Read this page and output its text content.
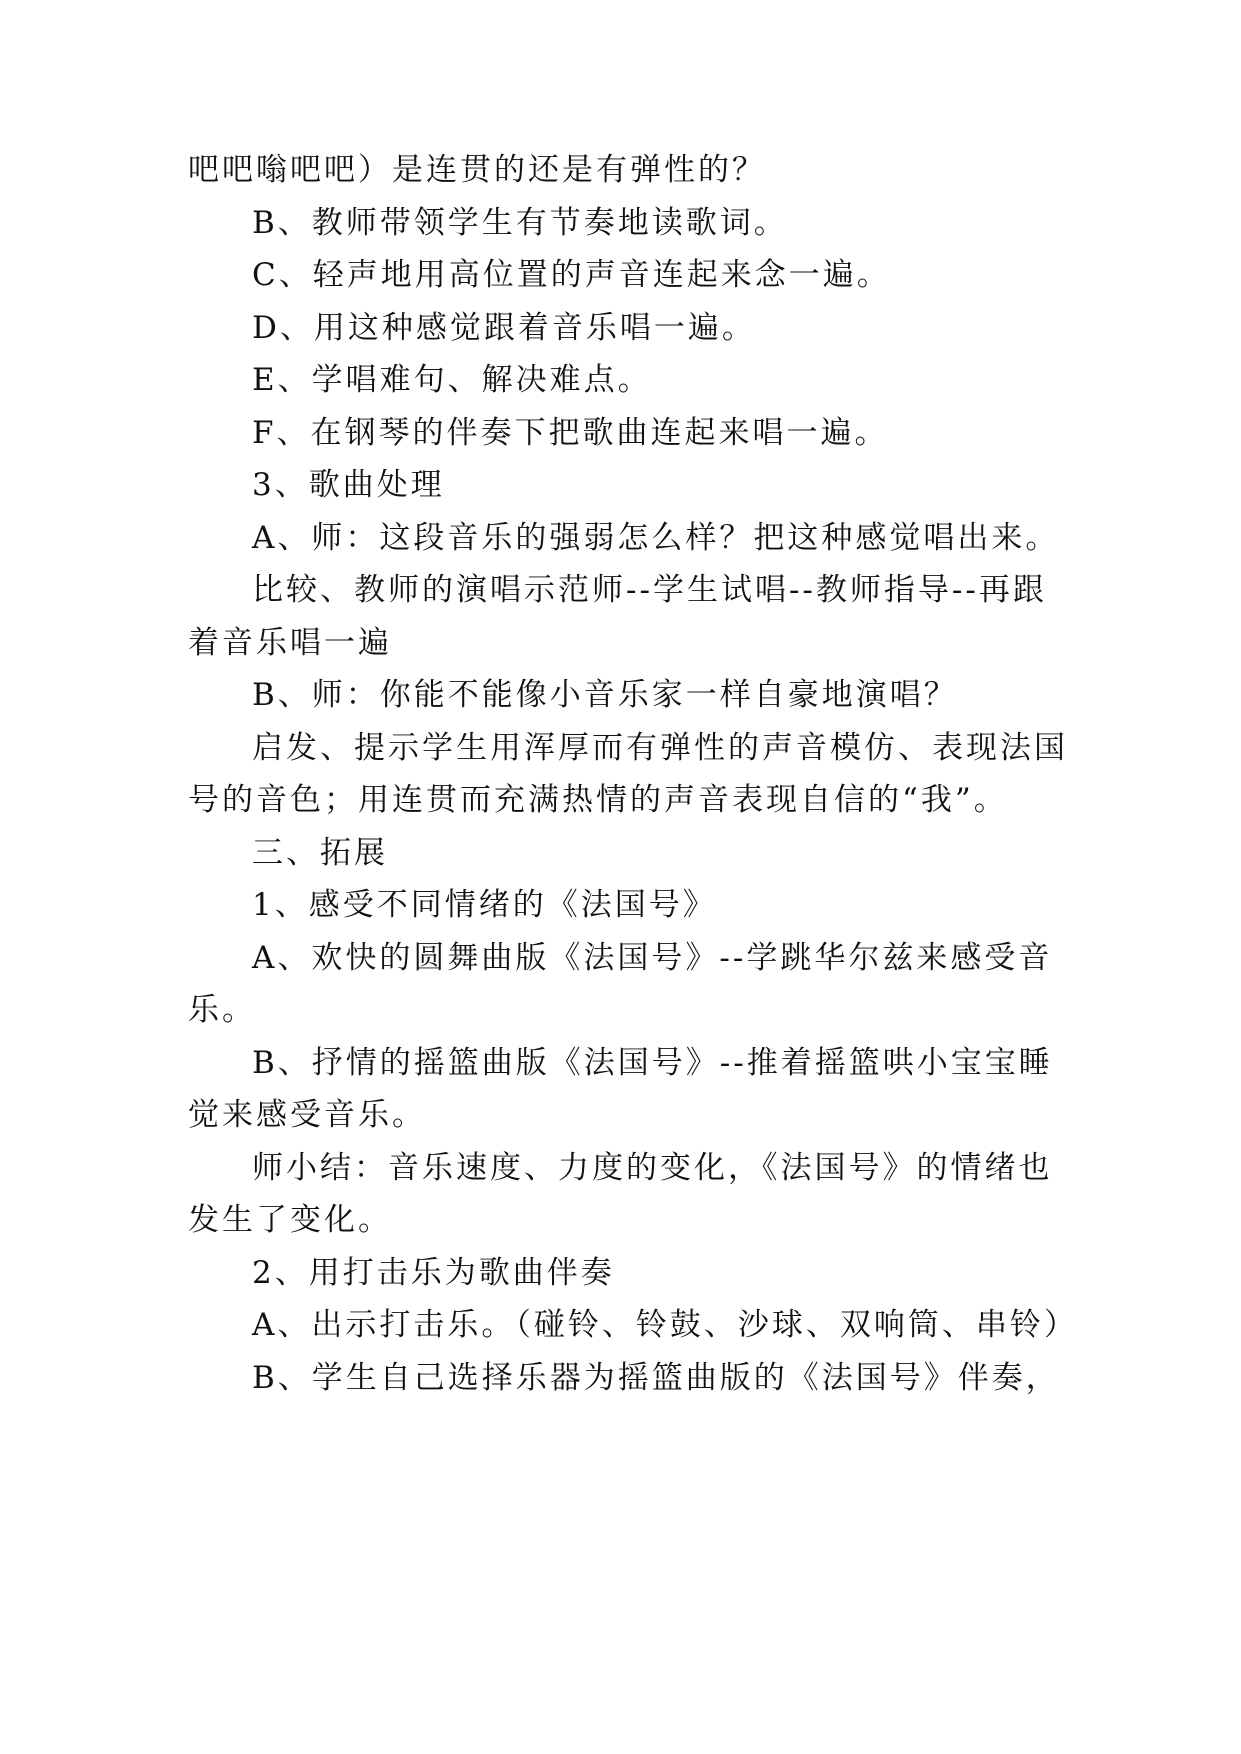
吧吧嗡吧吧）是连贯的还是有弹性的？
B、教师带领学生有节奏地读歌词。
C、轻声地用高位置的声音连起来念一遍。
D、用这种感觉跟着音乐唱一遍。
E、学唱难句、解决难点。
F、在钢琴的伴奏下把歌曲连起来唱一遍。
3、歌曲处理
A、师：这段音乐的强弱怎么样？把这种感觉唱出来。
比较、教师的演唱示范师--学生试唱--教师指导--再跟
着音乐唱一遍
B、师：你能不能像小音乐家一样自豪地演唱？
启发、提示学生用浑厚而有弹性的声音模仿、表现法国
号的音色；用连贯而充满热情的声音表现自信的“我”。
三、拓展
1、感受不同情绪的《法国号》
A、欢快的圆舞曲版《法国号》--学跳华尔兹来感受音
乐。
B、抒情的摇篮曲版《法国号》--推着摇篮哄小宝宝睡
觉来感受音乐。
师小结：音乐速度、力度的变化，《法国号》的情绪也
发生了变化。
2、用打击乐为歌曲伴奏
A、出示打击乐。（碰铃、铃鼓、沙球、双响筒、串铃）
B、学生自己选择乐器为摇篮曲版的《法国号》伴奏，
